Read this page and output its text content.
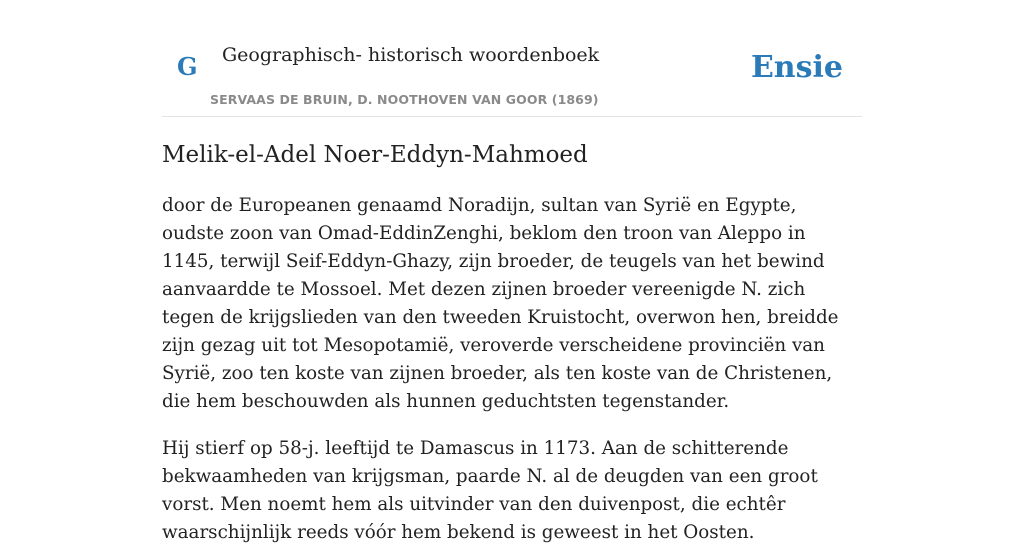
G Geographisch- historisch woordenboek
SERVAAS DE BRUIN, D. NOOTHOVEN VAN GOOR (1869)
Ensie
Melik-el-Adel Noer-Eddyn-Mahmoed

door de Europeanen genaamd Noradijn, sultan van Syrië en Egypte, oudste zoon van Omad-EddinZenghi, beklom den troon van Aleppo in 1145, terwijl Seif-Eddyn-Ghazy, zijn broeder, de teugels van het bewind aanvaardde te Mossoel. Met dezen zijnen broeder vereenigde N. zich tegen de krijgslieden van den tweeden Kruistocht, overwon hen, breidde zijn gezag uit tot Mesopotamië, veroverde verscheidene provinciën van Syrië, zoo ten koste van zijnen broeder, als ten koste van de Christenen, die hem beschouwden als hunnen geduchtsten tegenstander.

Hij stierf op 58-j. leeftijd te Damascus in 1173. Aan de schitterende bekwaamheden van krijgsman, paarde N. al de deugden van een groot vorst. Men noemt hem als uitvinder van den duivenpost, die echtêr waarschijnlijk reeds vóór hem bekend is geweest in het Oosten.
